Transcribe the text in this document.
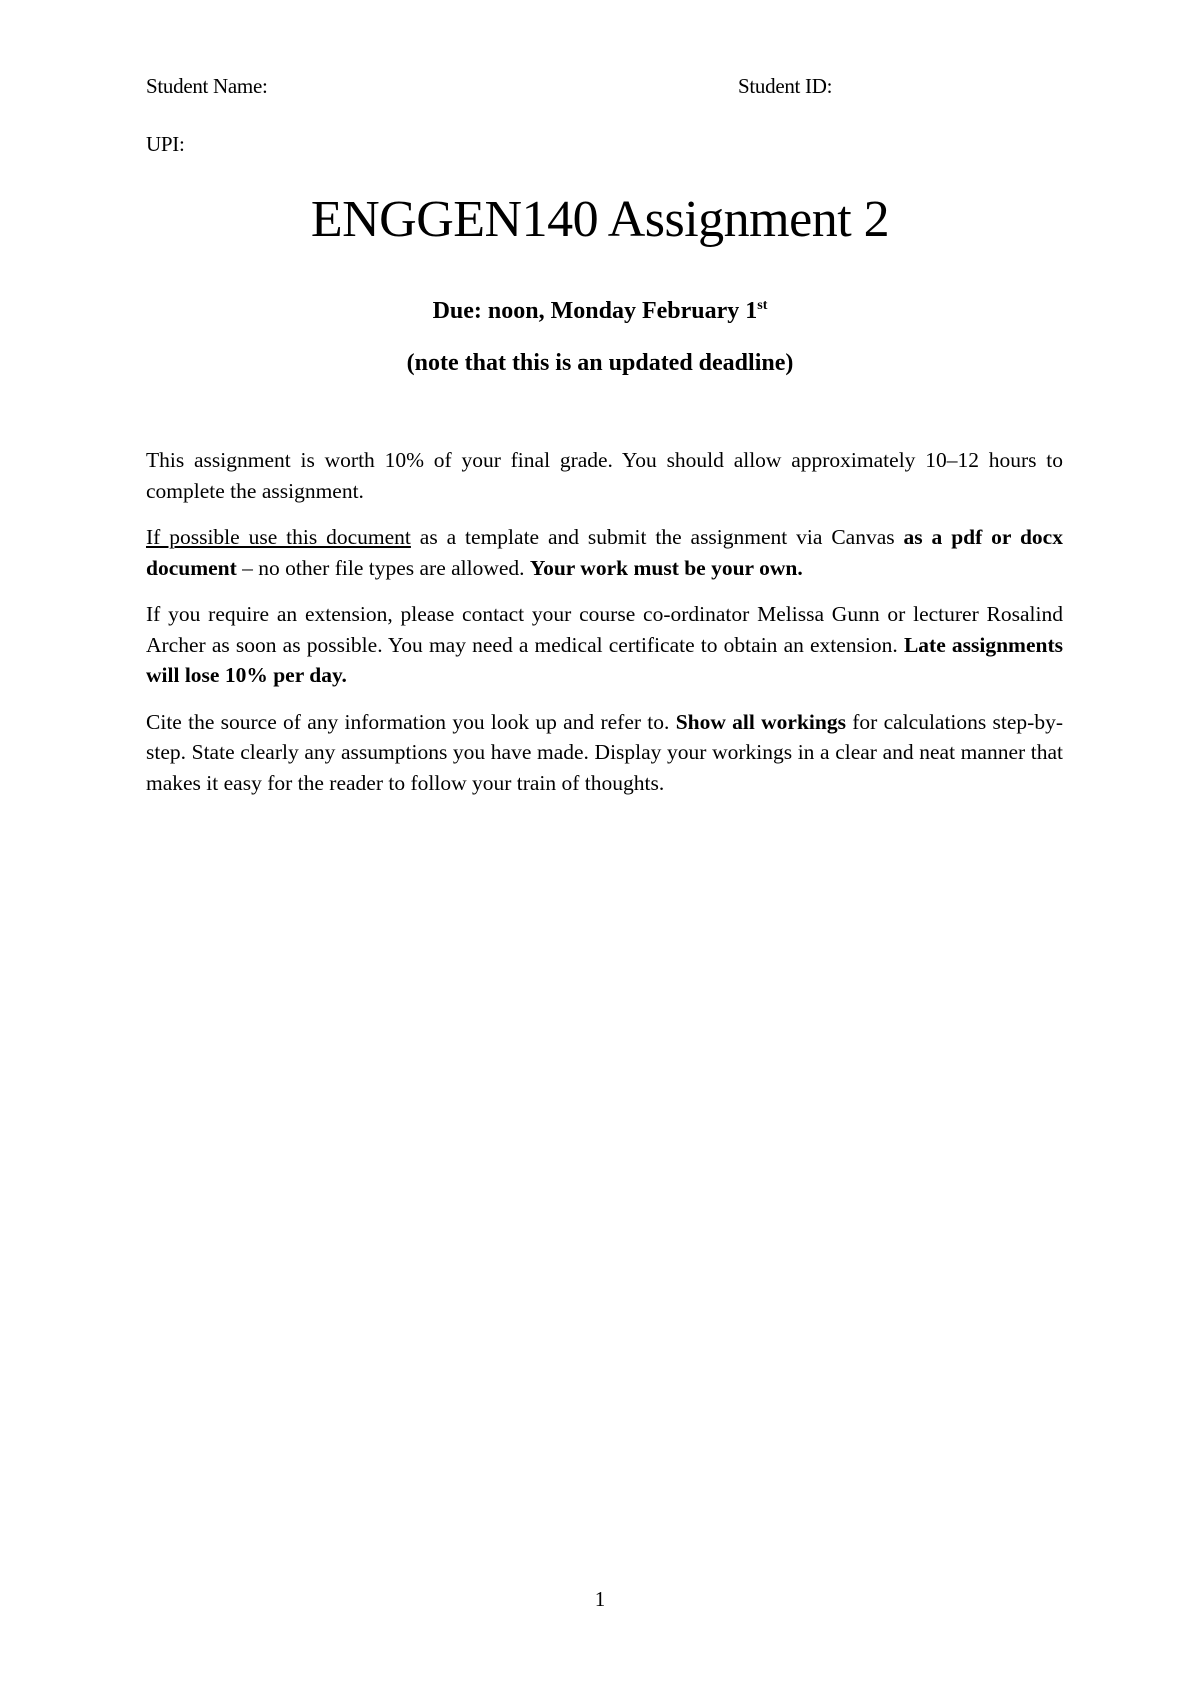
Student Name:	Student ID:
UPI:
ENGGEN140 Assignment 2
Due: noon, Monday February 1st
(note that this is an updated deadline)

This assignment is worth 10% of your final grade. You should allow approximately 10–12 hours to complete the assignment.

If possible use this document as a template and submit the assignment via Canvas as a pdf or docx document – no other file types are allowed. Your work must be your own.

If you require an extension, please contact your course co-ordinator Melissa Gunn or lecturer Rosalind Archer as soon as possible. You may need a medical certificate to obtain an extension. Late assignments will lose 10% per day.

Cite the source of any information you look up and refer to. Show all workings for calculations step-by-step. State clearly any assumptions you have made. Display your workings in a clear and neat manner that makes it easy for the reader to follow your train of thoughts.

1
